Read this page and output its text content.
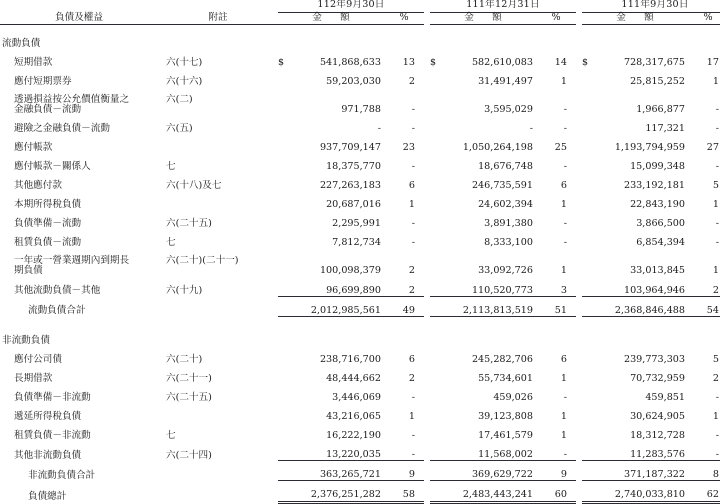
		112年9月30日				111年12月31日				111年9月30日		
負債及權益	附註	金 額		%		金 額		%		金 額		%

流動負債												
短期借款	六(十七)	$	541,868,633	13		$	582,610,083	14		$	728,317,675	17
應付短期票券	六(十六)		59,203,030	2			31,491,497	1			25,815,252	1
透過損益按公允價值衡量之
金融負債－流動	六(二)		971,788	-			3,595,029	-			1,966,877	-
避險之金融負債－流動	六(五)		-	-			-	-			117,321	-
應付帳款			937,709,147	23			1,050,264,198	25			1,193,794,959	27
應付帳款－關係人	七		18,375,770	-			18,676,748	-			15,099,348	-
其他應付款	六(十八)及七		227,263,183	6			246,735,591	6			233,192,181	5
本期所得稅負債			20,687,016	1			24,602,394	1			22,843,190	1
負債準備－流動	六(二十五)		2,295,991	-			3,891,380	-			3,866,500	-
租賃負債－流動	七		7,812,734	-			8,333,100	-			6,854,394	-
一年或一營業週期內到期長
期負債	六(二十)(二十一)		100,098,379	2			33,092,726	1			33,013,845	1
其他流動負債－其他	六(十九)		96,699,890	2			110,520,773	3			103,964,946	2
流動負債合計			2,012,985,561	49			2,113,813,519	51			2,368,846,488	54

非流動負債												
應付公司債	六(二十)		238,716,700	6			245,282,706	6			239,773,303	5
長期借款	六(二十一)		48,444,662	2			55,734,601	1			70,732,959	2
負債準備－非流動	六(二十五)		3,446,069	-			459,026	-			459,851	-
遞延所得稅負債			43,216,065	1			39,123,808	1			30,624,905	1
租賃負債－非流動	七		16,222,190	-			17,461,579	1			18,312,728	-
其他非流動負債	六(二十四)		13,220,035	-			11,568,002	-			11,283,576	-
非流動負債合計			363,265,721	9			369,629,722	9			371,187,322	8
負債總計			2,376,251,282	58			2,483,443,241	60			2,740,033,810	62
